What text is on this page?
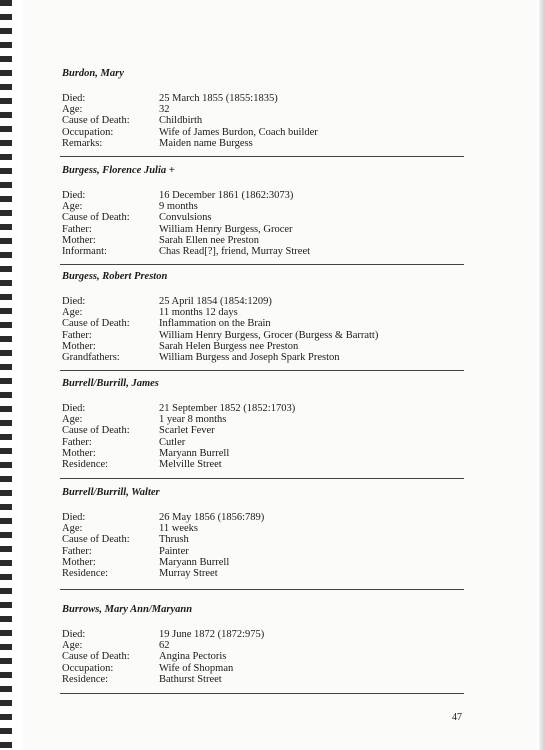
Burdon, Mary

Died:	25 March 1855 (1855:1835)
Age:	32
Cause of Death:	Childbirth
Occupation:	Wife of James Burdon, Coach builder
Remarks:	Maiden name Burgess

Burgess, Florence Julia +

Died:	16 December 1861 (1862:3073)
Age:	9 months
Cause of Death:	Convulsions
Father:	William Henry Burgess, Grocer
Mother:	Sarah Ellen nee Preston
Informant:	Chas Read[?], friend, Murray Street

Burgess, Robert Preston

Died:	25 April 1854 (1854:1209)
Age:	11 months 12 days
Cause of Death:	Inflammation on the Brain
Father:	William Henry Burgess, Grocer (Burgess & Barratt)
Mother:	Sarah Helen Burgess nee Preston
Grandfathers:	William Burgess and Joseph Spark Preston

Burrell/Burrill, James

Died:	21 September 1852 (1852:1703)
Age:	1 year 8 months
Cause of Death:	Scarlet Fever
Father:	Cutler
Mother:	Maryann Burrell
Residence:	Melville Street

Burrell/Burrill, Walter

Died:	26 May 1856 (1856:789)
Age:	11 weeks
Cause of Death:	Thrush
Father:	Painter
Mother:	Maryann Burrell
Residence:	Murray Street

Burrows, Mary Ann/Maryann

Died:	19 June 1872 (1872:975)
Age:	62
Cause of Death:	Angina Pectoris
Occupation:	Wife of Shopman
Residence:	Bathurst Street
47
